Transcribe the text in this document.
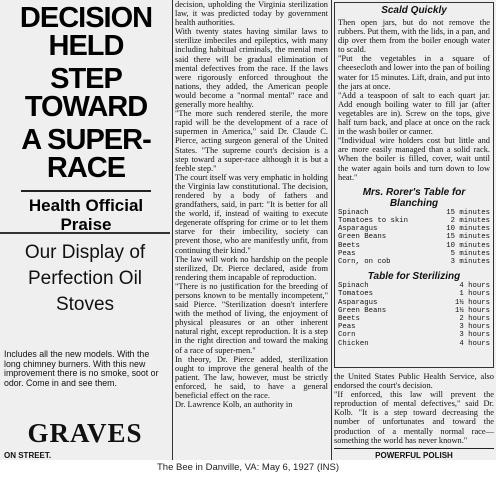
DECISION HELD

STEP TOWARD

A SUPER-RACE

Health Official Praise

Our Display of

Perfection Oil

Stoves

Includes all the new models. With the long chimney burners. With this new improvement there is no smoke, soot or odor. Come in and see them.

GRAVES
ON STREET.

decision, upholding the Virginia sterilization law, it was predicted today by government health authorities.
With twenty states having similar laws to sterilize imbeciles and epileptics, with many including habitual criminals, the menial men said there will be gradual elimination of mental defectives from the race. If the laws were rigorously enforced throughout the nations, they added, the American people would become a "normal mental" race and generally more healthy.
"The more such rendered sterile, the more rapid will be the development of a race of supermen in America," said Dr. Claude C. Pierce, acting surgeon general of the United States. "The supreme court's decision is a step toward a super-race although it is but a feeble step."
The court itself was very emphatic in holding the Virginia law constitutional. The decision, rendered by a body of fathers and grandfathers, said, in part: "It is better for all the world, if, instead of waiting to execute degenerate offspring for crime or to let them starve for their imbecility, society can prevent those, who are manifestly unfit, from continuing their kind."
The law will work no hardship on the people sterilized, Dr. Pierce declared, aside from rendering them incapable of reproduction.
"There is no justification for the breeding of persons known to be mentally incompetent," said Pierce. "Sterilization doesn't interfere with the method of living, the enjoyment of physical pleasures or an other inherent natural right, except reproduction. It is a step in the right direction and toward the making of a race of super-men."
In theory, Dr. Pierce added, sterilization ought to improve the general health of the patient. The law, however, must be strictly enforced, he said, to have a general beneficial effect on the race.
Dr. Lawrence Kolb, an authority in

Scald Quickly

Then open jars, but do not remove the rubbers. Put them, with the lids, in a pan, and dip over them from the boiler enough water to scald.
"Put the vegetables in a square of cheesecloth and lower into the pan of boiling water for 15 minutes. Lift, drain, and put into the jars at once.
"Add a teaspoon of salt to each quart jar. Add enough boiling water to fill jar (after vegetables are in). Screw on the tops, give half turn back, and place at once on the rack in the wash boiler or canner.
"Individual wire holders cost but little and are more easily managed than a solid rack. When the boiler is filled, cover, wait until the water again boils and turn down to low heat."

Mrs. Rorer's Table for Blanching

Spinach	15 minutes
Tomatoes to skin	2 minutes
Asparagus	10 minutes
Green Beans	15 minutes
Beets	10 minutes
Peas	5 minutes
Corn, on cob	3 minutes

Table for Sterilizing

Spinach	4 hours
Tomatoes	1 hours
Asparagus	1½ hours
Green Beans	1½ hours
Beets	2 hours
Peas	3 hours
Corn	3 hours
Chicken	4 hours

the United States Public Health Service, also endorsed the court's decision.
"If enforced, this law will prevent the reproduction of mental defectives," said Dr. Kolb. "It is a step toward decreasing the number of unfortunates and toward the production of a mentally normal race—something the world has never known."

POWERFUL POLISH
The Bee in Danville, VA: May 6, 1927 (INS)
